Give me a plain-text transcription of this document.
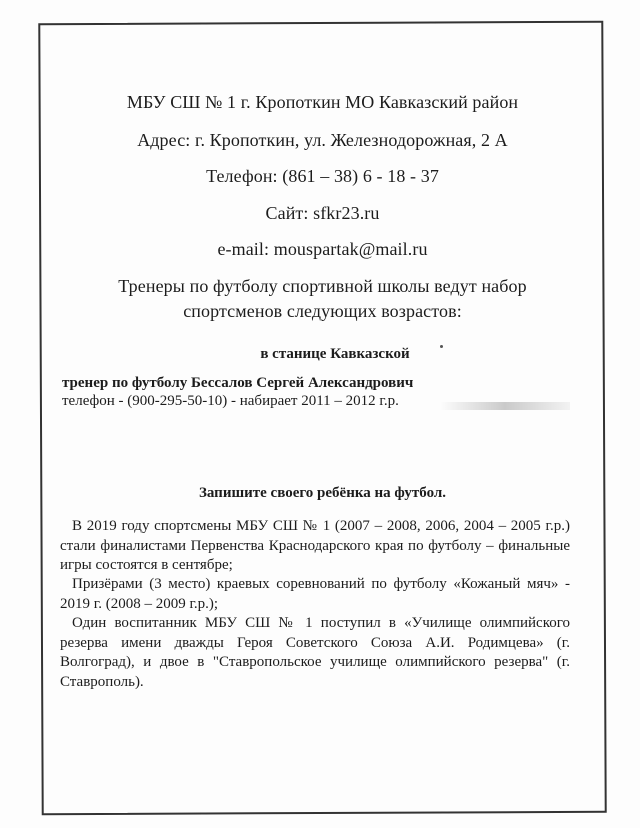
МБУ СШ № 1 г. Кропоткин МО Кавказский район
Адрес: г. Кропоткин, ул. Железнодорожная, 2 А
Телефон: (861 – 38) 6 - 18 - 37
Сайт: sfkr23.ru
e-mail: mouspartak@mail.ru
Тренеры по футболу спортивной школы ведут набор
спортсменов следующих возрастов:
в станице Кавказской
тренер по футболу Бессалов Сергей Александрович
телефон - (900-295-50-10) - набирает 2011 – 2012 г.р.
Запишите своего ребёнка на футбол.
В 2019 году спортсмены МБУ СШ № 1 (2007 – 2008, 2006, 2004 – 2005 г.р.) стали финалистами Первенства Краснодарского края по футболу – финальные игры состоятся в сентябре;
Призёрами (3 место) краевых соревнований по футболу «Кожаный мяч» - 2019 г. (2008 – 2009 г.р.);
Один воспитанник МБУ СШ № 1 поступил в «Училище олимпийского резерва имени дважды Героя Советского Союза А.И. Родимцева» (г. Волгоград), и двое в "Ставропольское училище олимпийского резерва" (г. Ставрополь).
